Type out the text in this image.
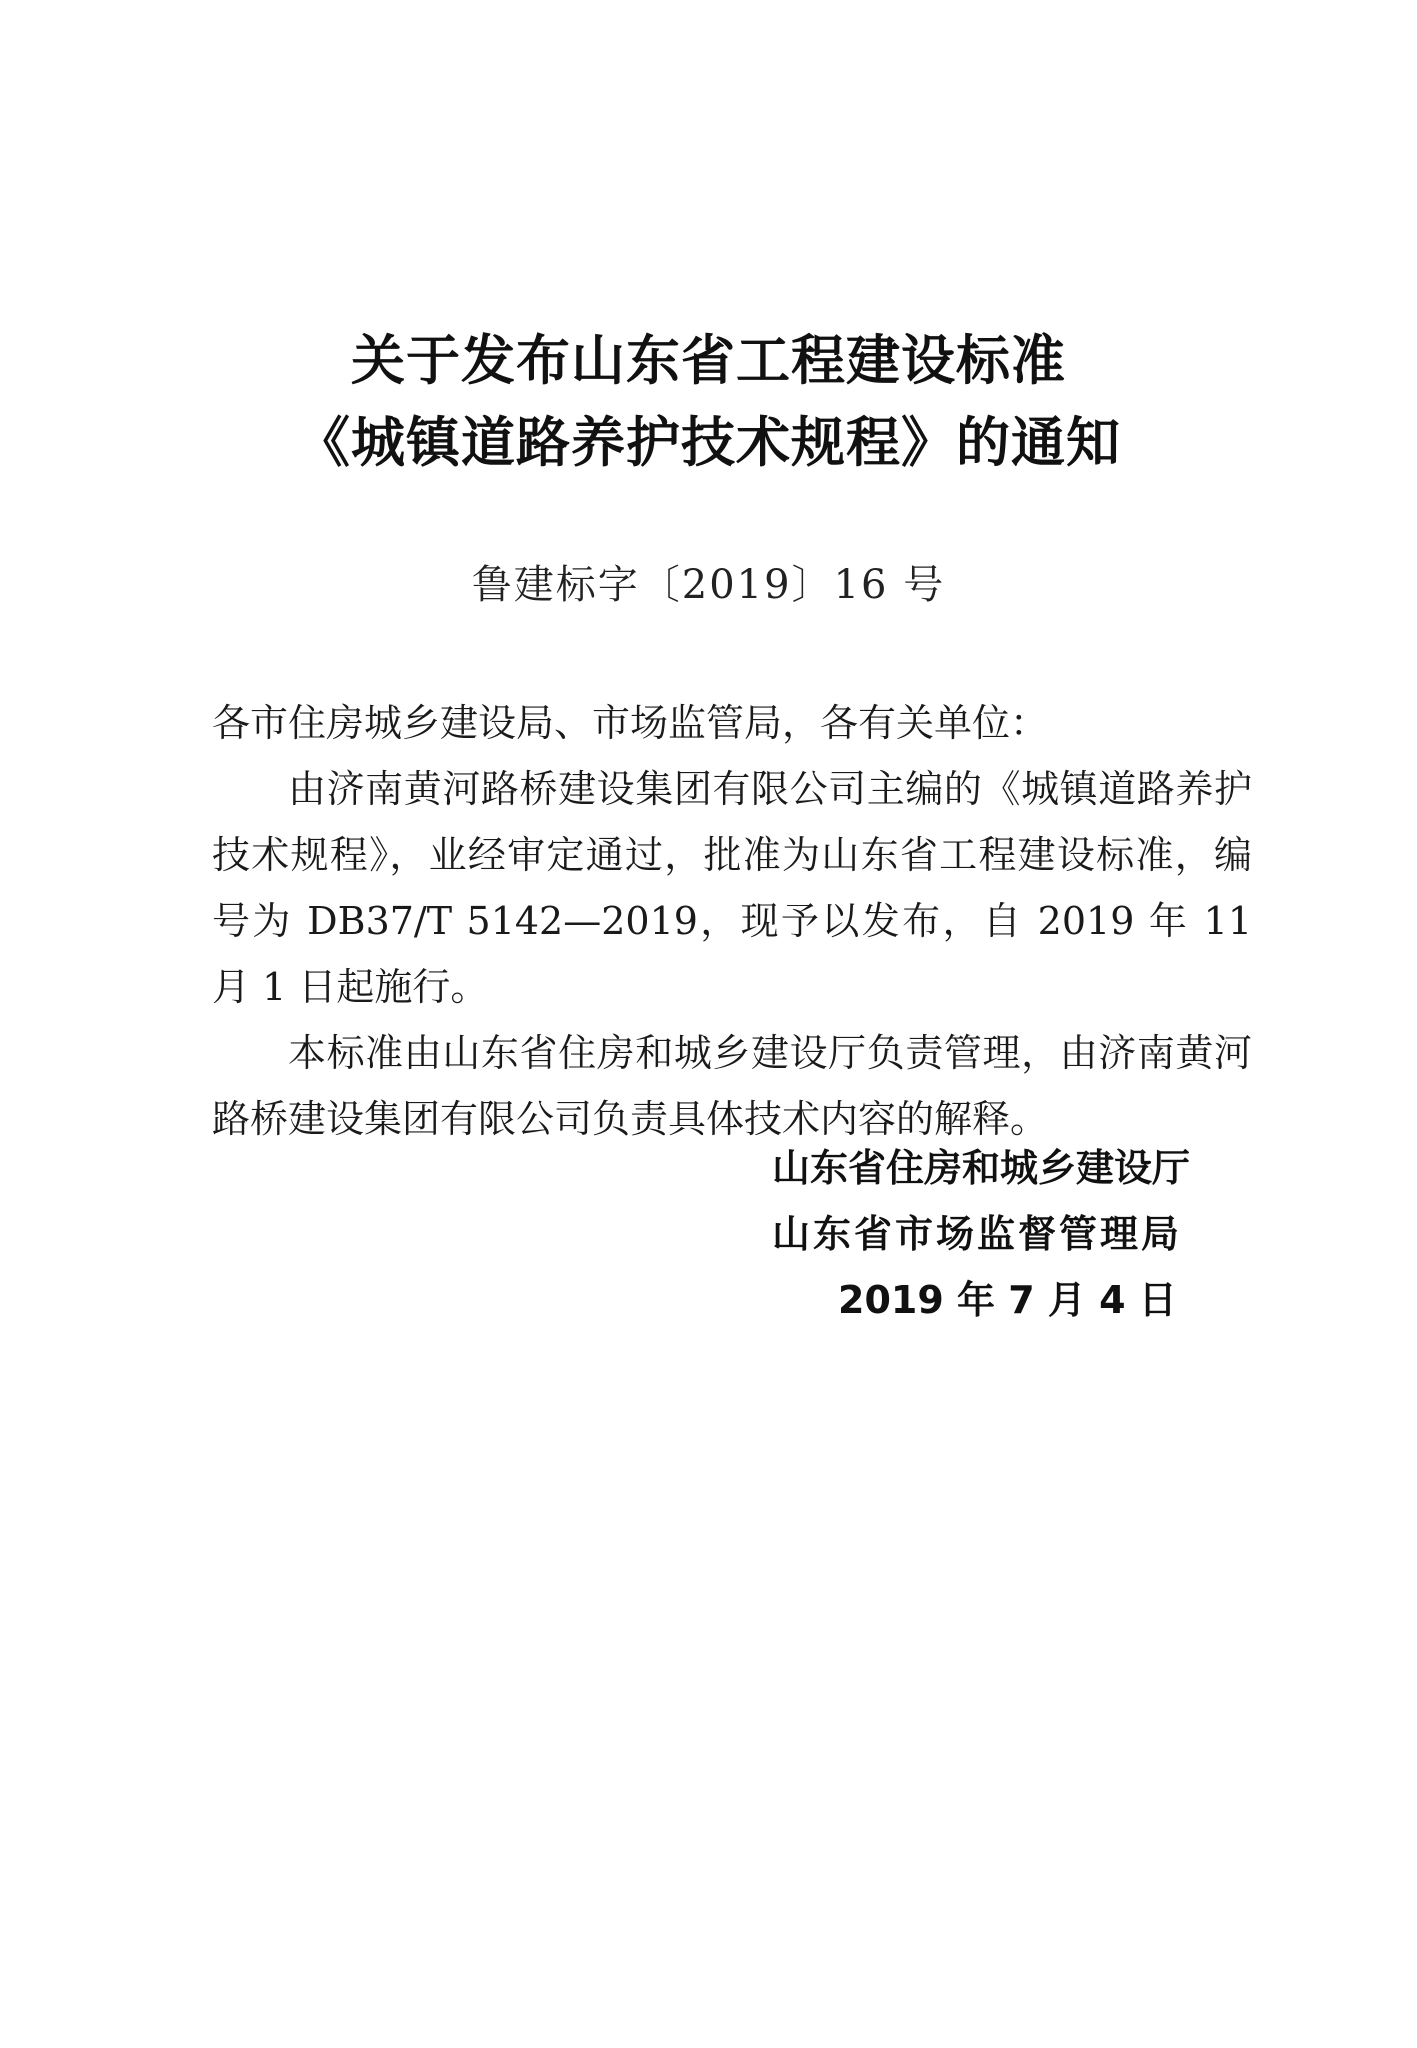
关于发布山东省工程建设标准
《城镇道路养护技术规程》的通知
鲁建标字〔2019〕16 号

各市住房城乡建设局、市场监管局，各有关单位：

由济南黄河路桥建设集团有限公司主编的《城镇道路养护技术规程》，业经审定通过，批准为山东省工程建设标准，编号为 DB37/T 5142—2019，现予以发布，自 2019 年 11 月 1 日起施行。

本标准由山东省住房和城乡建设厅负责管理，由济南黄河路桥建设集团有限公司负责具体技术内容的解释。

山东省住房和城乡建设厅
山东省市场监督管理局
2019 年 7 月 4 日
